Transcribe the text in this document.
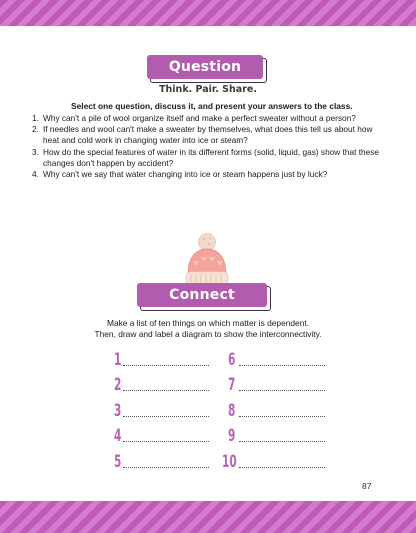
Question
Think. Pair. Share.
Select one question, discuss it, and present your answers to the class.
1. Why can't a pile of wool organize itself and make a perfect sweater without a person?
2. If needles and wool can't make a sweater by themselves, what does this tell us about how heat and cold work in changing water into ice or steam?
3. How do the special features of water in its different forms (solid, liquid, gas) show that these changes don't happen by accident?
4. Why can't we say that water changing into ice or steam happens just by luck?
Connect
Make a list of ten things on which matter is dependent.
Then, draw and label a diagram to show the interconnectivity.
1
2
3
4
5
6
7
8
9
10
87
